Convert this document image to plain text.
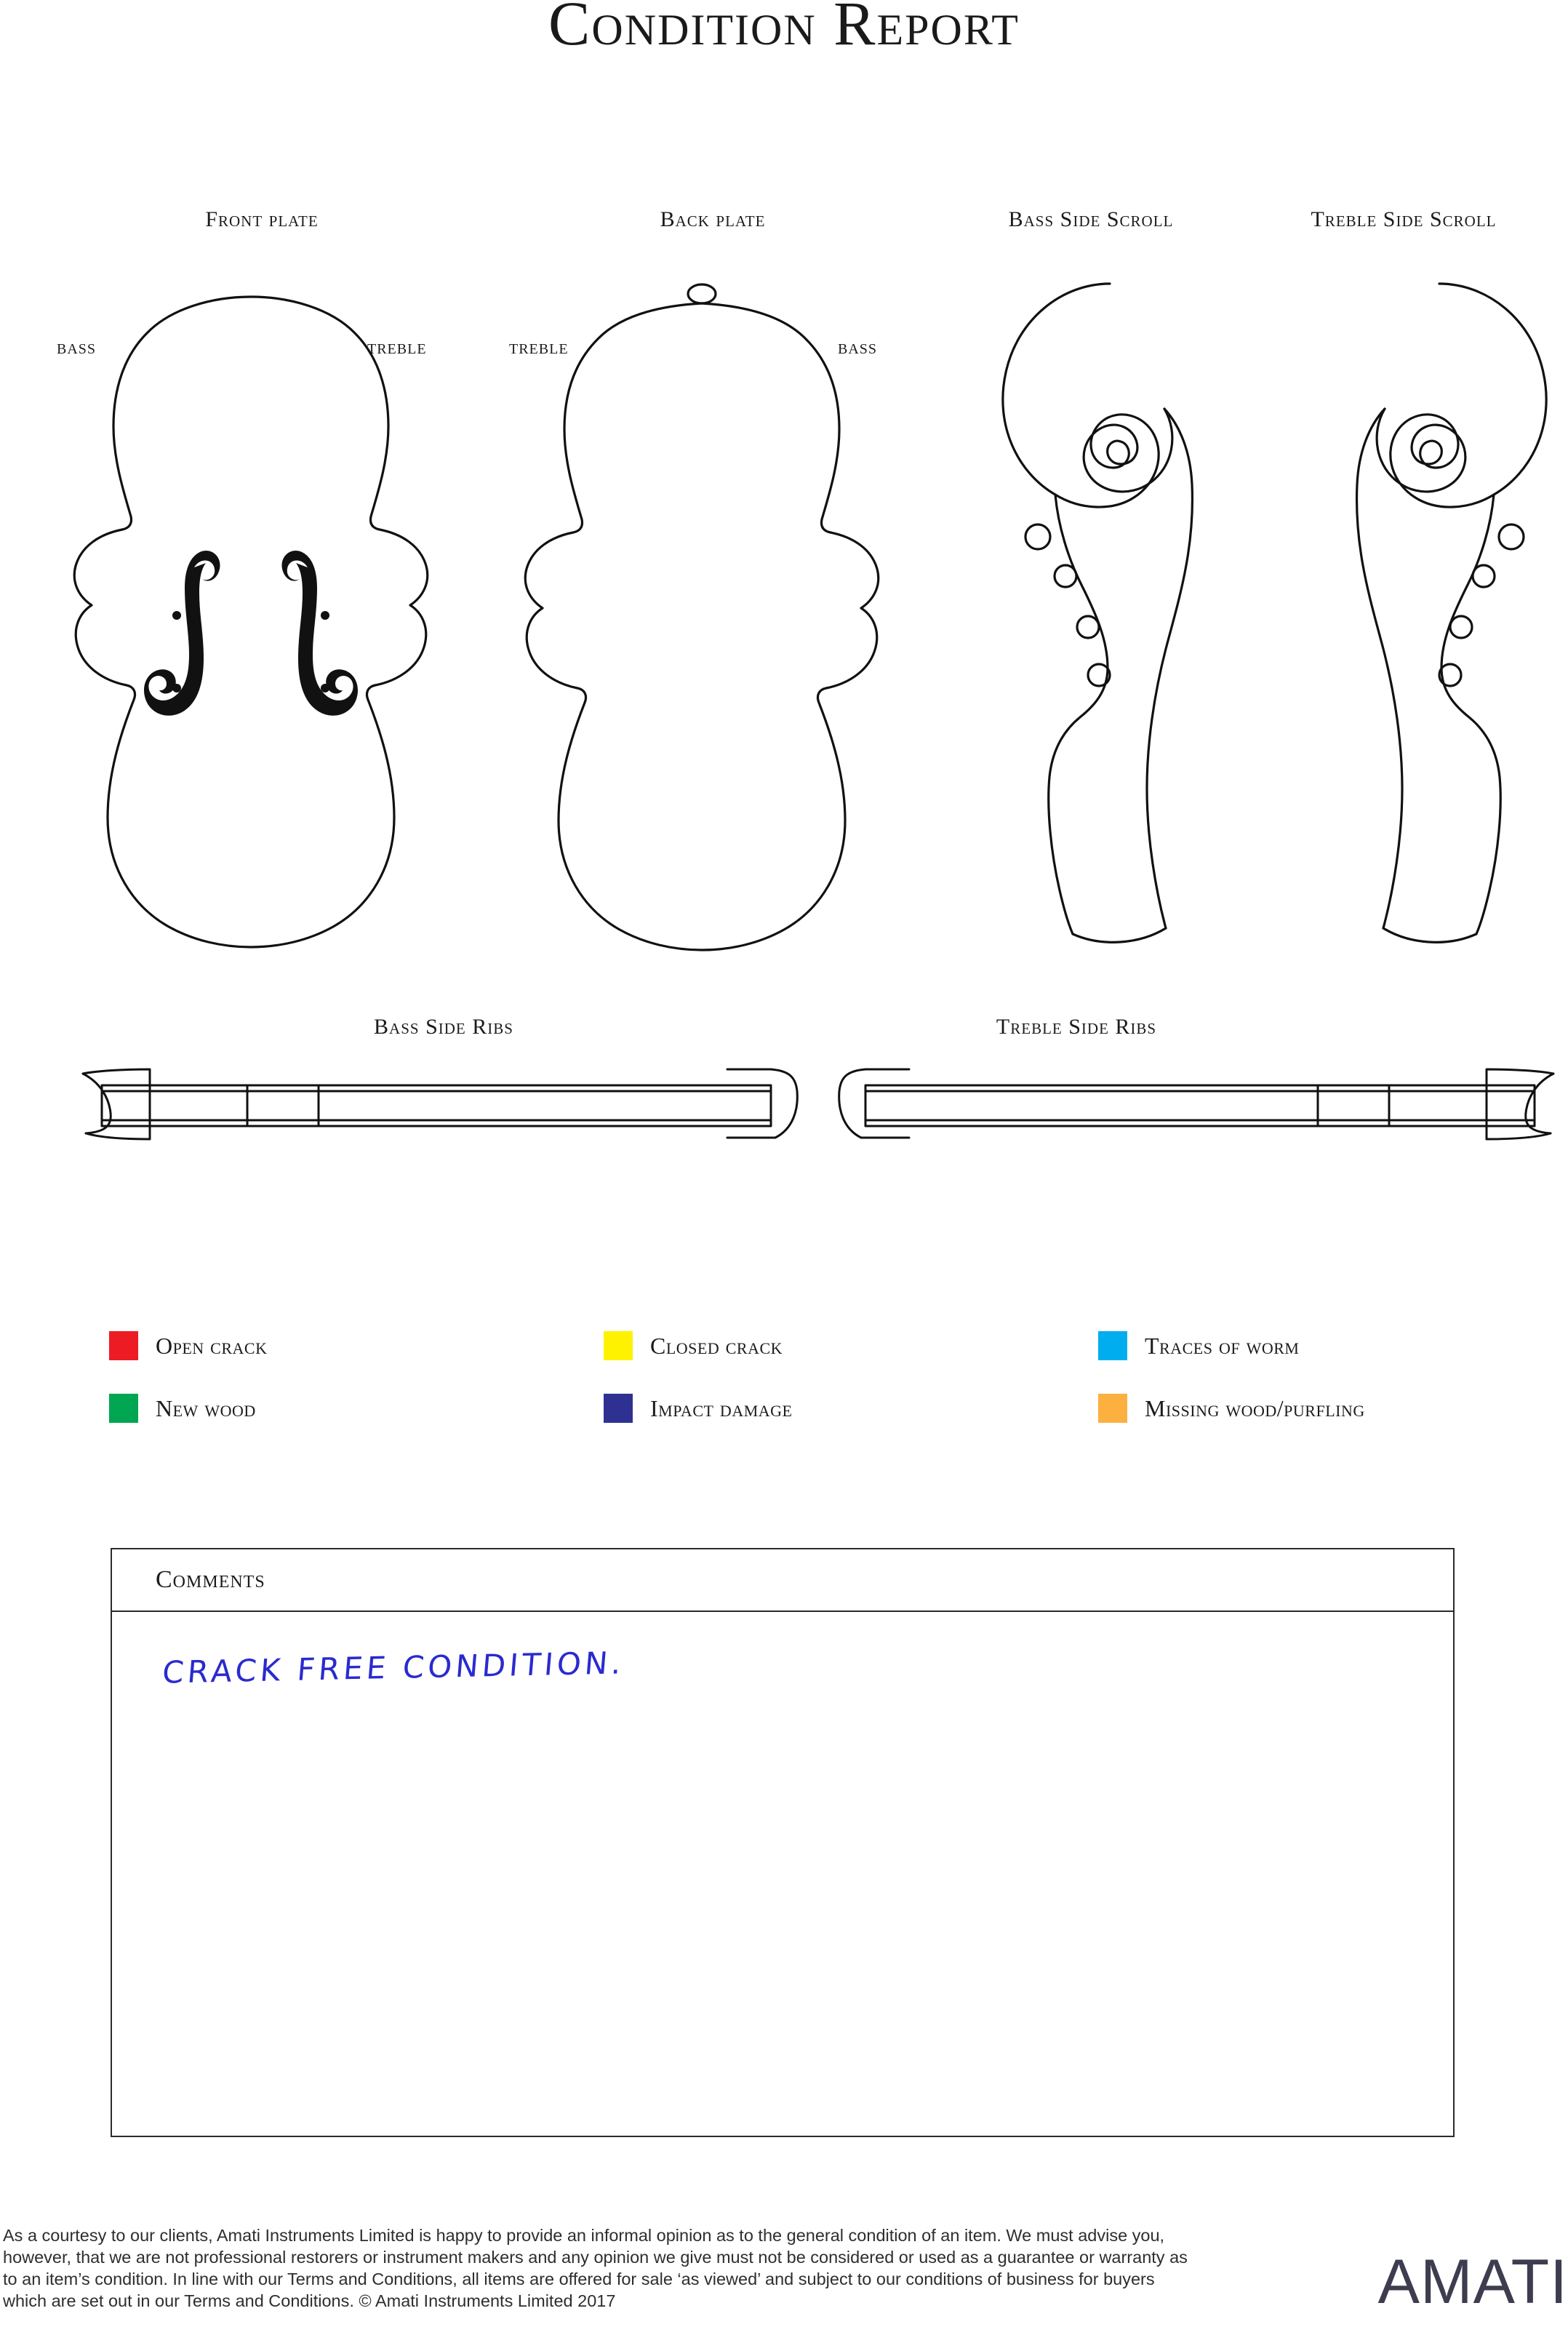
Condition Report
Front plate	Back plate	Bass Side Scroll	Treble Side Scroll
BASS	TREBLE	TREBLE	BASS
Bass Side Ribs	Treble Side Ribs
Open crack	Closed crack	Traces of worm
New wood	Impact damage	Missing wood/purfling
Comments
CRACK FREE CONDITION.
As a courtesy to our clients, Amati Instruments Limited is happy to provide an informal opinion as to the general condition of an item. We must advise you, however, that we are not professional restorers or instrument makers and any opinion we give must not be considered or used as a guarantee or warranty as to an item’s condition. In line with our Terms and Conditions, all items are offered for sale ‘as viewed’ and subject to our conditions of business for buyers which are set out in our Terms and Conditions. © Amati Instruments Limited 2017	AMATI
